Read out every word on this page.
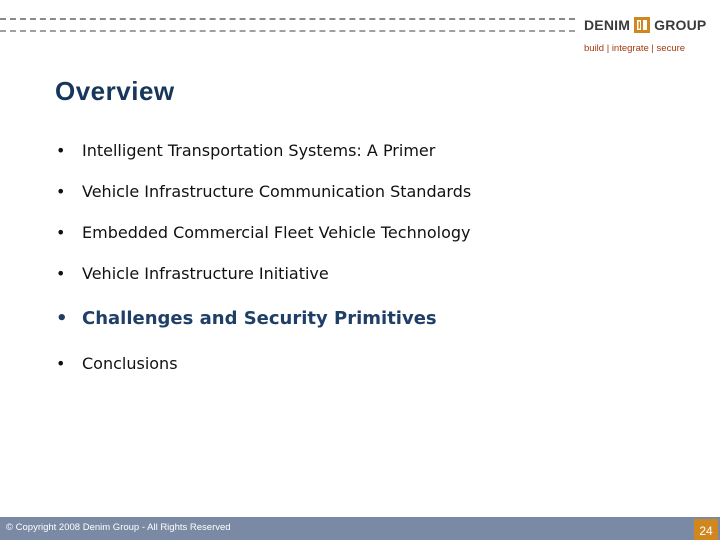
DENIM GROUP
build | integrate | secure
Overview
• Intelligent Transportation Systems: A Primer
• Vehicle Infrastructure Communication Standards
• Embedded Commercial Fleet Vehicle Technology
• Vehicle Infrastructure Initiative
• Challenges and Security Primitives
• Conclusions
© Copyright 2008 Denim Group - All Rights Reserved	24
